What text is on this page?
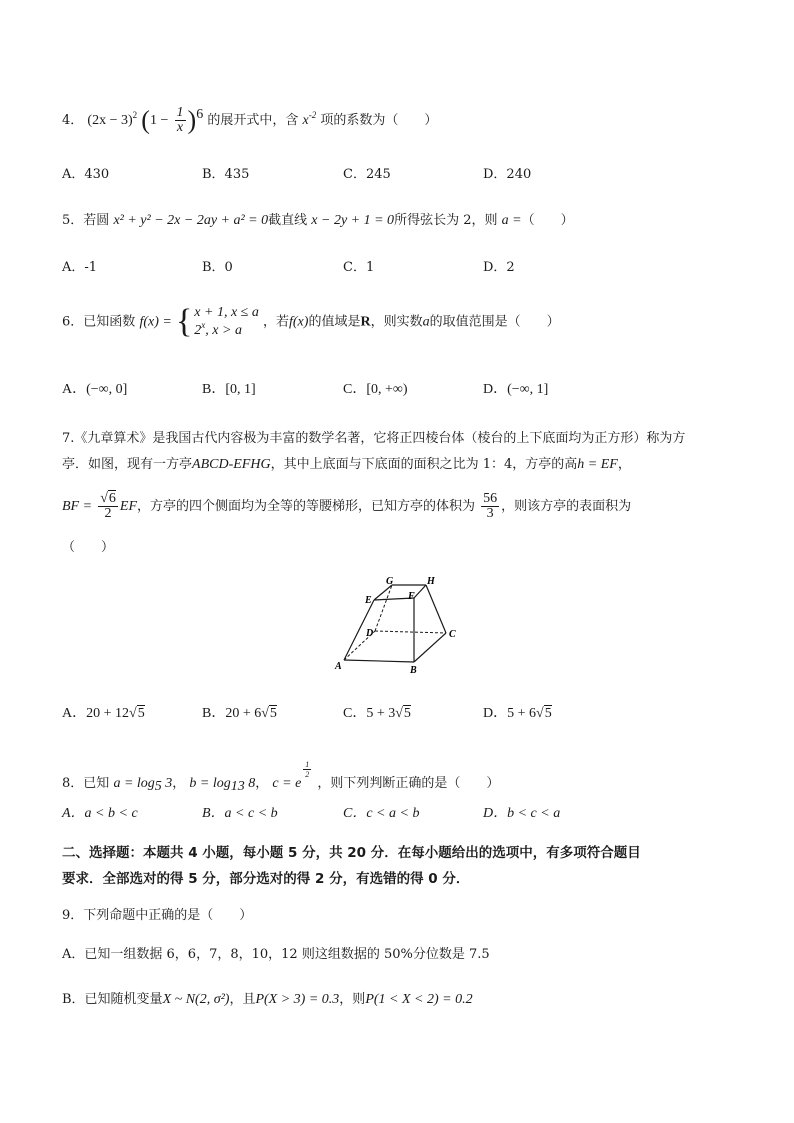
4． $(2x - 3)^2$ $(1 - \frac{1}{x} )^6$ 的展开式中，含 $x^{-2}$ 项的系数为（　　）
A．430	B．435	C．245	D．240
5．若圆 x² + y² − 2x − 2ay + a² = 0截直线 x − 2y + 1 = 0所得弦长为 2，则 a =（　　）
A．-1	B．0	C．1	D．2
6．已知函数 f(x) = { x + 1, x ≤ a
2$^x$, x > a
，若f(x)的值域是R，则实数a的取值范围是（　　）
A．(−∞, 0]	B．[0, 1]	C．[0, +∞)	D．(−∞, 1]
7.《九章算术》是我国古代内容极为丰富的数学名著，它将正四棱台体（棱台的上下底面均为正方形）称为方
亭．如图，现有一方亭ABCD-EFHG，其中上底面与下底面的面积之比为 1：4，方亭的高h = EF，
BF = $\frac{√6}{2}$ EF，方亭的四个侧面均为全等的等腰梯形，已知方亭的体积为 $\frac{56}{3}$ ，则该方亭的表面积为
（　　）
G	H
E	F
D	C
A	B
A．20 + 12√5	B．20 + 6√5	C．5 + 3√5	D．5 + 6√5
8．已知 $a = \log_5 3$， $b = \log_{13} 8$， c = e
$\frac{1}{2}$
，则下列判断正确的是（　　）
A．a < b < c	B．a < c < b	C．c < a < b	D．b < c < a
二、选择题：本题共 4 小题，每小题 5 分，共 20 分．在每小题给出的选项中，有多项符合题目
要求．全部选对的得 5 分，部分选对的得 2 分，有选错的得 0 分．
9．下列命题中正确的是（　　）
A．已知一组数据 6，6，7，8，10，12 则这组数据的 50%分位数是 7.5
B．已知随机变量X ~ N(2, σ²)，且P(X > 3) = 0.3，则P(1 < X < 2) = 0.2
